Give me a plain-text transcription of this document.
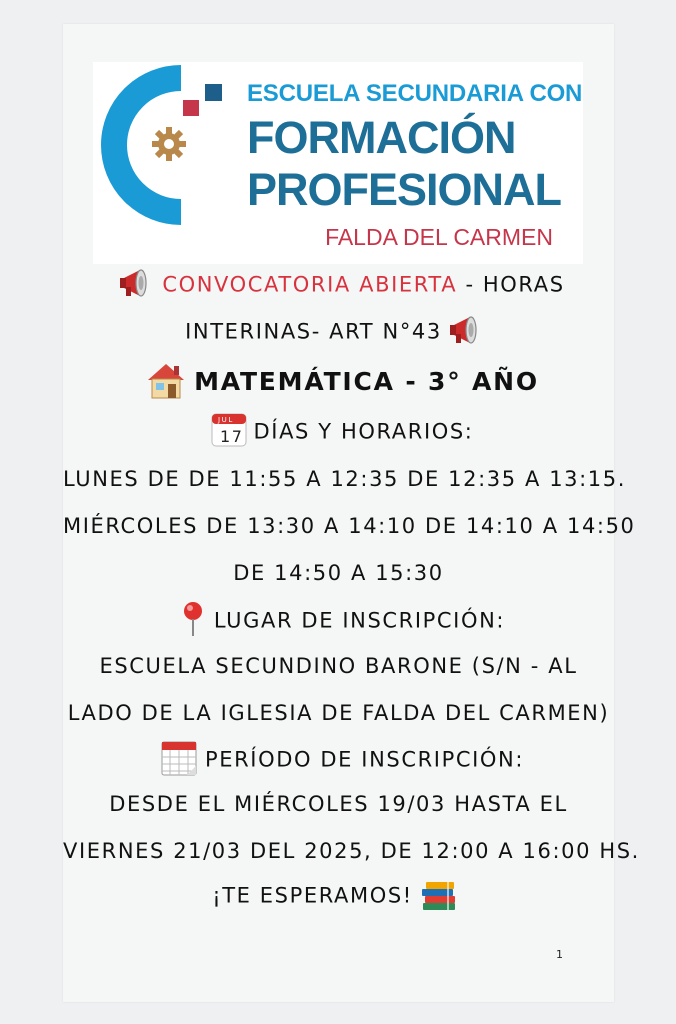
ESCUELA SECUNDARIA CON
FORMACIÓN
PROFESIONAL
FALDA DEL CARMEN
CONVOCATORIA ABIERTA - HORAS
INTERINAS- ART N°43
MATEMÁTICA - 3° AÑO
JUL
17 DÍAS Y HORARIOS:
LUNES DE DE 11:55 A 12:35 DE 12:35 A 13:15.
MIÉRCOLES DE 13:30 A 14:10 DE 14:10 A 14:50
DE 14:50 A 15:30
LUGAR DE INSCRIPCIÓN:
ESCUELA SECUNDINO BARONE (S/N - AL
LADO DE LA IGLESIA DE FALDA DEL CARMEN)
PERÍODO DE INSCRIPCIÓN:
DESDE EL MIÉRCOLES 19/03 HASTA EL
VIERNES 21/03 DEL 2025, DE 12:00 A 16:00 HS.
¡TE ESPERAMOS!
1
